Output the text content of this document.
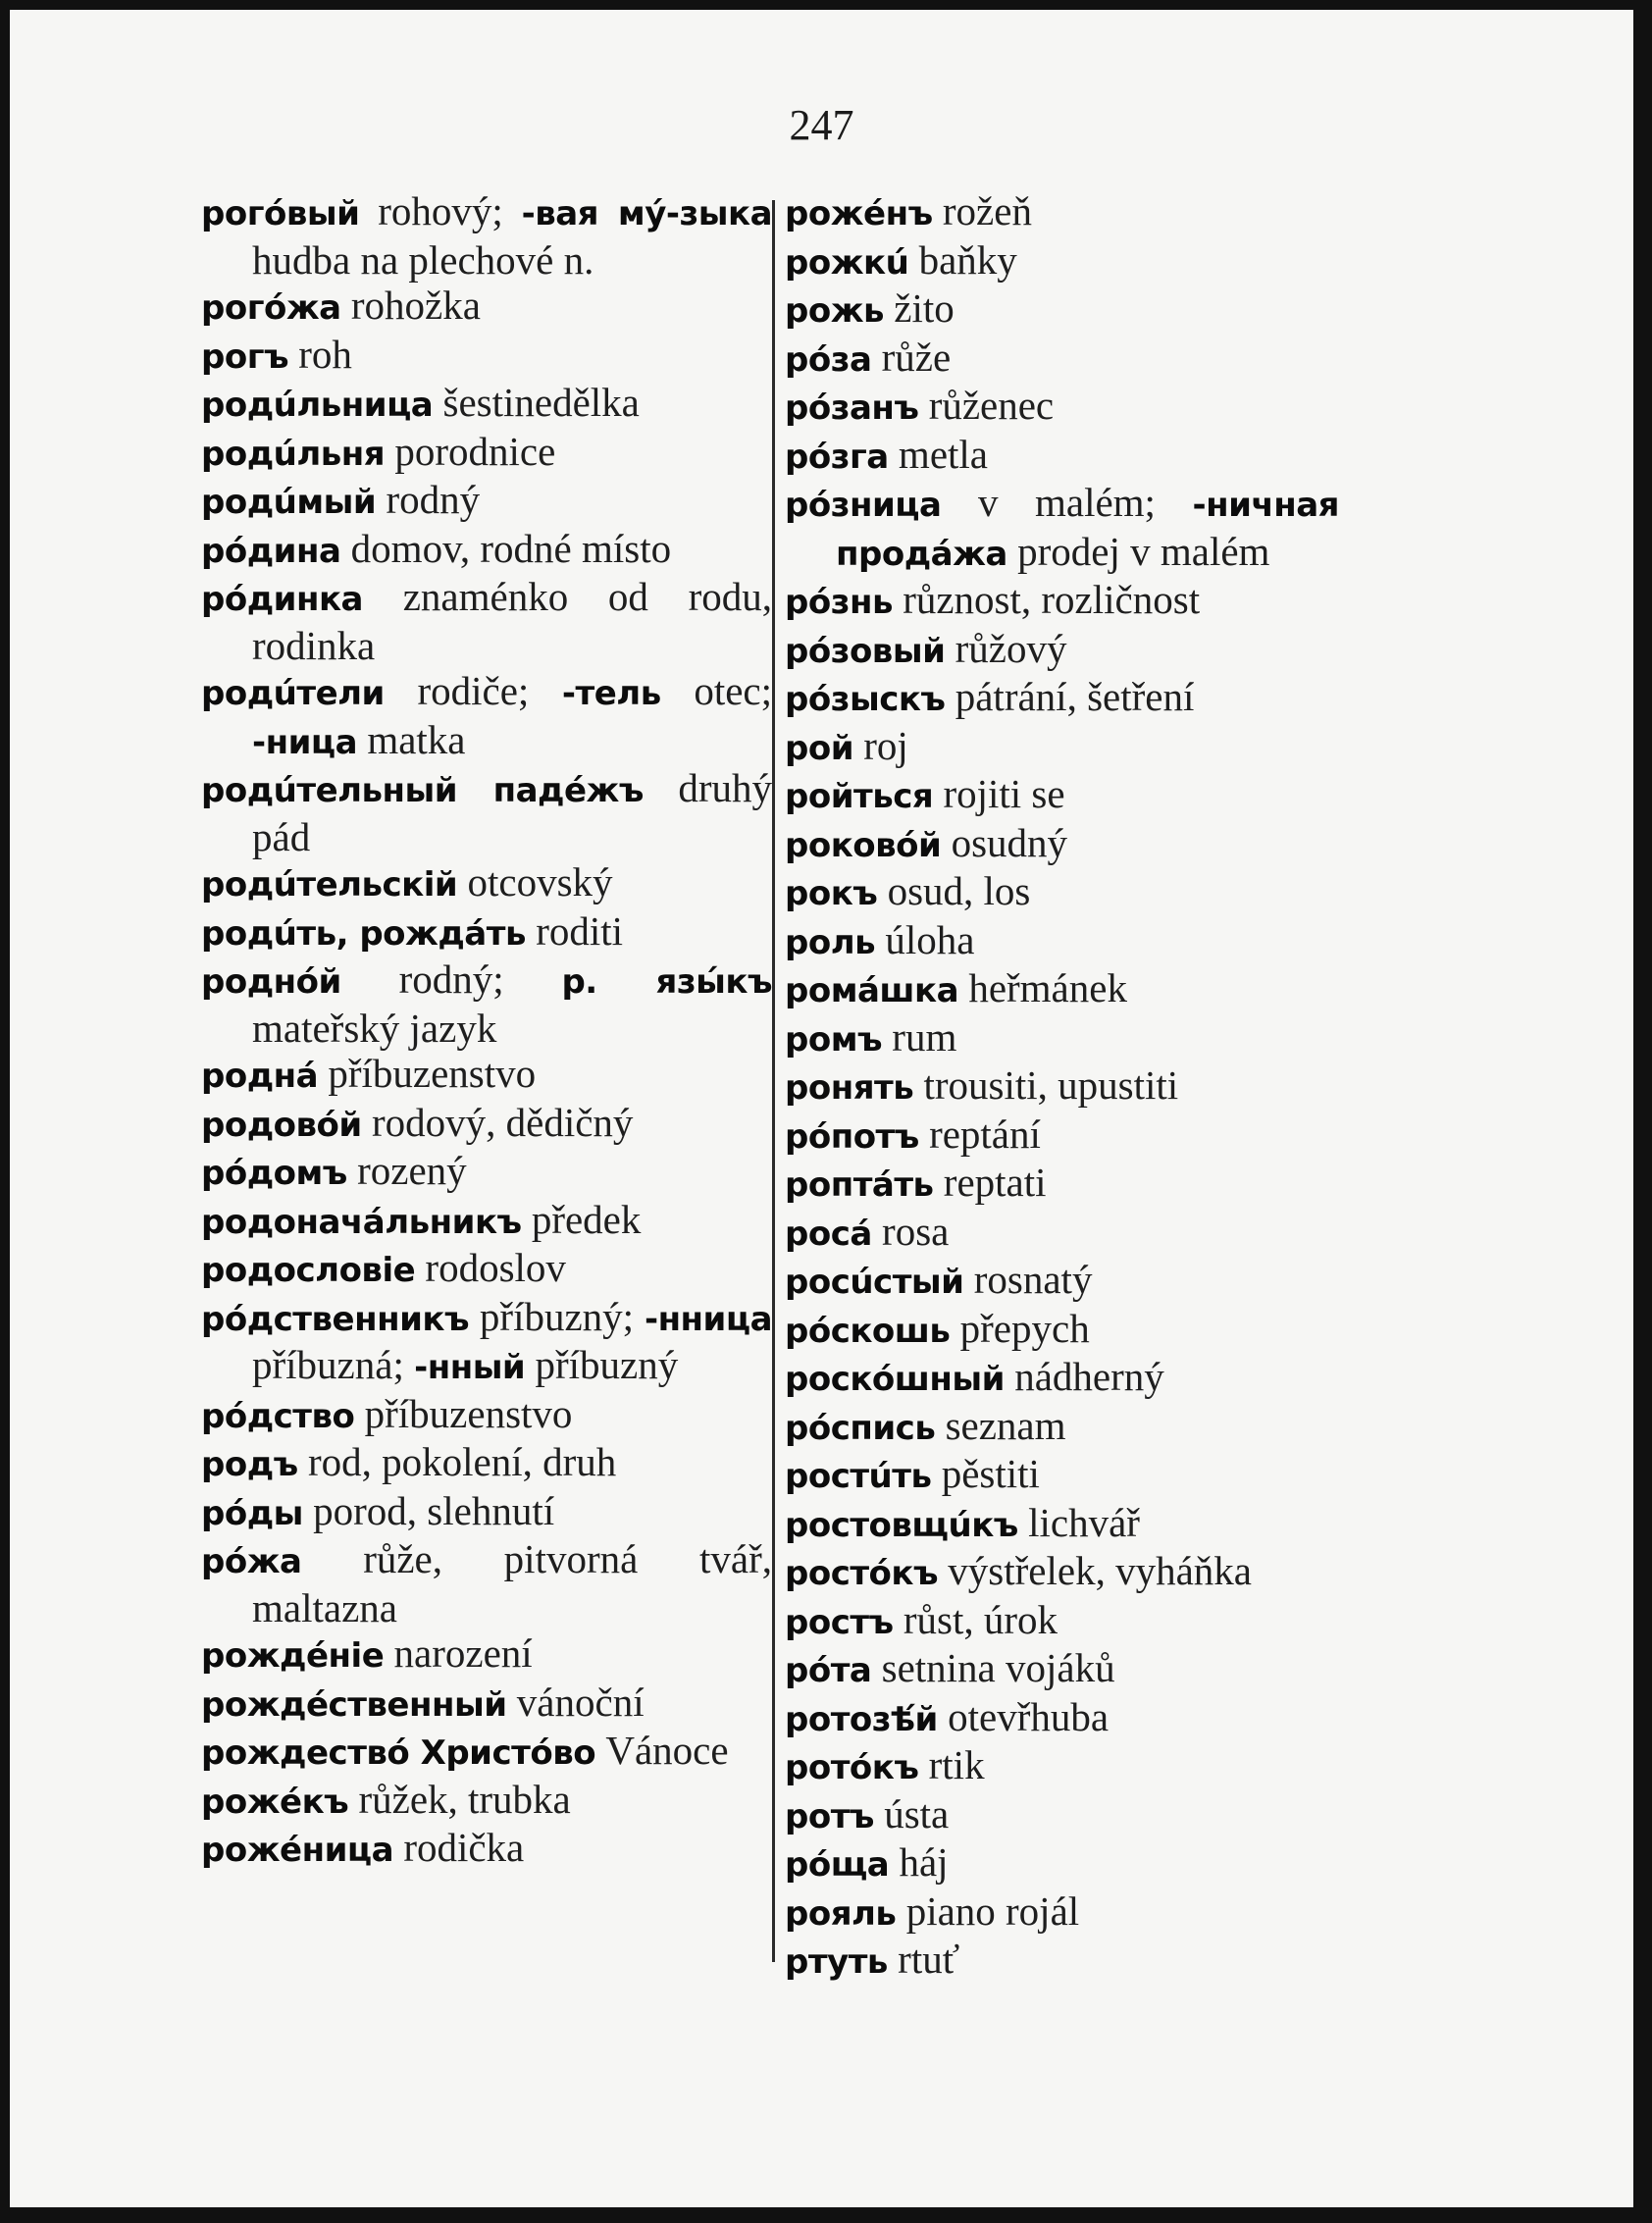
247

рогóвый rohový; -вая мý-зыка hudba na plechové n.

рогóжа rohožka

рогъ roh

родúльница šestinedělka

родúльня porodnice

родúмый rodný

рóдина domov, rodné místo

рóдинка znaménko od rodu, rodinka

родúтели rodiče; -тель otec; -ница matka

родúтельный падéжъ druhý pád

родúтельскій otcovský

родúть, рождáть roditi

роднóй rodný; р. язы́къ mateřský jazyk

роднá příbuzenstvo

родовóй rodový, dědičný

рóдомъ rozený

родоначáльникъ předek

родословіе rodoslov

рóдственникъ příbuzný; -нница příbuzná; -нный příbuzný

рóдство příbuzenstvo

родъ rod, pokolení, druh

рóды porod, slehnutí

рóжа růže, pitvorná tvář, maltazna

рождéніе narození

рождéственный vánoční

рождествó Христóво Vánoce

рожéкъ růžek, trubka

рожéница rodička

рожéнъ rožeň

рожкú baňky

рожь žito

рóза růže

рóзанъ růženec

рóзга metla

рóзница v malém; -ничная продáжа prodej v malém

рóзнь různost, rozličnost

рóзовый růžový

рóзыскъ pátrání, šetření

рой roj

ройться rojiti se

роковóй osudný

рокъ osud, los

роль úloha

ромáшка heřmánek

ромъ rum

ронять trousiti, upustiti

рóпотъ reptání

роптáть reptati

росá rosa

росúстый rosnatý

рóскошь přepych

роскóшный nádherný

рóспись seznam

ростúть pěstiti

ростовщúкъ lichvář

ростóкъ výstřelek, vyháňka

ростъ růst, úrok

рóта setnina vojáků

ротозѣ́й otevřhuba

ротóкъ rtik

ротъ ústa

рóща háj

рояль piano rojál

ртуть rtuť
